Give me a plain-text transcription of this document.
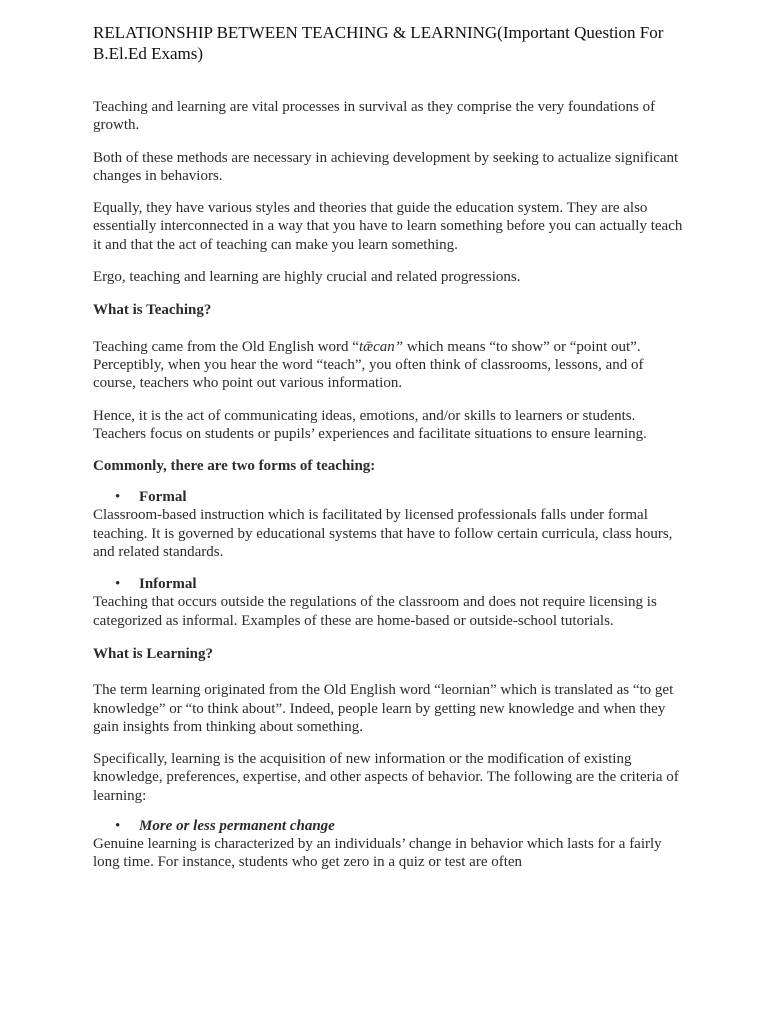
RELATIONSHIP BETWEEN TEACHING & LEARNING(Important Question For B.El.Ed Exams)

Teaching and learning are vital processes in survival as they comprise the very foundations of growth.

Both of these methods are necessary in achieving development by seeking to actualize significant changes in behaviors.

Equally, they have various styles and theories that guide the education system. They are also essentially interconnected in a way that you have to learn something before you can actually teach it and that the act of teaching can make you learn something.

Ergo, teaching and learning are highly crucial and related progressions.

What is Teaching?

Teaching came from the Old English word “tǣcan” which means “to show” or “point out”. Perceptibly, when you hear the word “teach”, you often think of classrooms, lessons, and of course, teachers who point out various information.

Hence, it is the act of communicating ideas, emotions, and/or skills to learners or students. Teachers focus on students or pupils’ experiences and facilitate situations to ensure learning.

Commonly, there are two forms of teaching:

• Formal

Classroom-based instruction which is facilitated by licensed professionals falls under formal teaching. It is governed by educational systems that have to follow certain curricula, class hours, and related standards.

• Informal

Teaching that occurs outside the regulations of the classroom and does not require licensing is categorized as informal. Examples of these are home-based or outside-school tutorials.

What is Learning?

The term learning originated from the Old English word “leornian” which is translated as “to get knowledge” or “to think about”. Indeed, people learn by getting new knowledge and when they gain insights from thinking about something.

Specifically, learning is the acquisition of new information or the modification of existing knowledge, preferences, expertise, and other aspects of behavior. The following are the criteria of learning:

• More or less permanent change

Genuine learning is characterized by an individuals’ change in behavior which lasts for a fairly long time. For instance, students who get zero in a quiz or test are often
